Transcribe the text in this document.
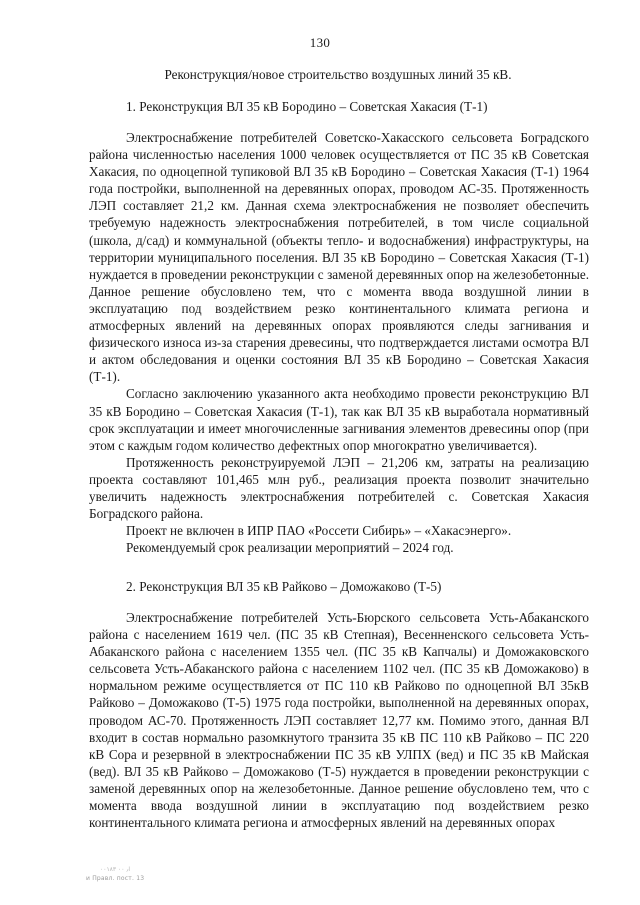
130
Реконструкция/новое строительство воздушных линий 35 кВ.
1. Реконструкция ВЛ 35 кВ Бородино – Советская Хакасия (Т-1)

Электроснабжение потребителей Советско-Хакасского сельсовета Боградского района численностью населения 1000 человек осуществляется от ПС 35 кВ Советская Хакасия, по одноцепной тупиковой ВЛ 35 кВ Бородино – Советская Хакасия (Т-1) 1964 года постройки, выполненной на деревянных опорах, проводом АС-35. Протяженность ЛЭП составляет 21,2 км. Данная схема электроснабжения не позволяет обеспечить требуемую надежность электроснабжения потребителей, в том числе социальной (школа, д/сад) и коммунальной (объекты тепло- и водоснабжения) инфраструктуры, на территории муниципального поселения. ВЛ 35 кВ Бородино – Советская Хакасия (Т-1) нуждается в проведении реконструкции с заменой деревянных опор на железобетонные. Данное решение обусловлено тем, что с момента ввода воздушной линии в эксплуатацию под воздействием резко континентального климата региона и атмосферных явлений на деревянных опорах проявляются следы загнивания и физического износа из-за старения древесины, что подтверждается листами осмотра ВЛ и актом обследования и оценки состояния ВЛ 35 кВ Бородино – Советская Хакасия (Т-1).

Согласно заключению указанного акта необходимо провести реконструкцию ВЛ 35 кВ Бородино – Советская Хакасия (Т-1), так как ВЛ 35 кВ выработала нормативный срок эксплуатации и имеет многочисленные загнивания элементов древесины опор (при этом с каждым годом количество дефектных опор многократно увеличивается).

Протяженность реконструируемой ЛЭП – 21,206 км, затраты на реализацию проекта составляют 101,465 млн руб., реализация проекта позволит значительно увеличить надежность электроснабжения потребителей с. Советская Хакасия Боградского района.

Проект не включен в ИПР ПАО «Россети Сибирь» – «Хакасэнерго».

Рекомендуемый срок реализации мероприятий – 2024 год.

2. Реконструкция ВЛ 35 кВ Райково – Доможаково (Т-5)

Электроснабжение потребителей Усть-Бюрского сельсовета Усть-Абаканского района с населением 1619 чел. (ПС 35 кВ Степная), Весенненского сельсовета Усть-Абаканского района с населением 1355 чел. (ПС 35 кВ Капчалы) и Доможаковского сельсовета Усть-Абаканского района с населением 1102 чел. (ПС 35 кВ Доможаково) в нормальном режиме осуществляется от ПС 110 кВ Райково по одноцепной ВЛ 35кВ Райково – Доможаково (Т-5) 1975 года постройки, выполненной на деревянных опорах, проводом АС-70. Протяженность ЛЭП составляет 12,77 км. Помимо этого, данная ВЛ входит в состав нормально разомкнутого транзита 35 кВ ПС 110 кВ Райково – ПС 220 кВ Сора и резервной в электроснабжении ПС 35 кВ УЛПХ (вед) и ПС 35 кВ Майская (вед). ВЛ 35 кВ Райково – Доможаково (Т-5) нуждается в проведении реконструкции с заменой деревянных опор на железобетонные. Данное решение обусловлено тем, что с момента ввода воздушной линии в эксплуатацию под воздействием резко континентального климата региона и атмосферных явлений на деревянных опорах

ا٫ ٠٠ ٠٠١٨٣
и Правл. пост. 13
